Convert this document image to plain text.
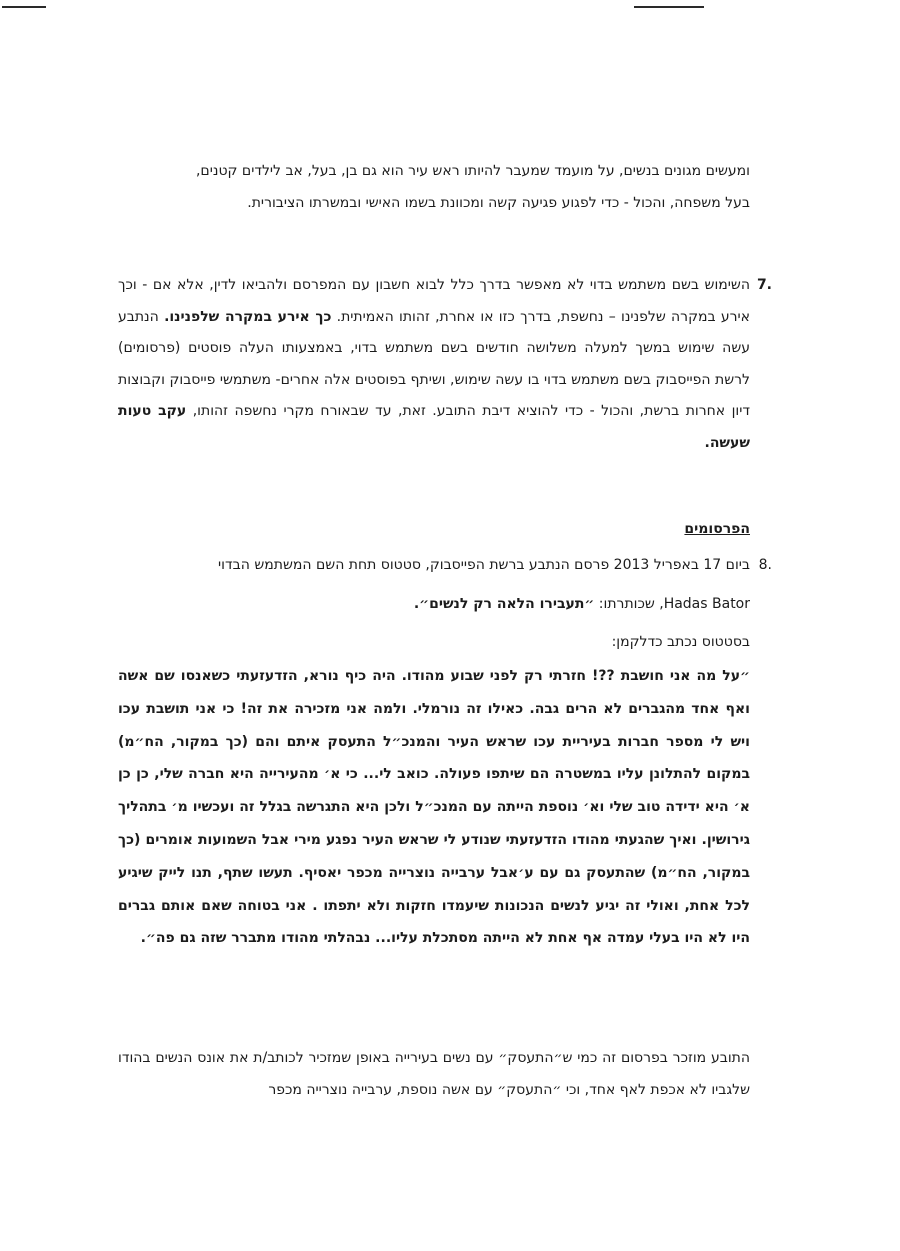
ומעשים מגונים בנשים, על מועמד שמעבר להיותו ראש עיר הוא גם בן, בעל, אב לילדים קטנים,
בעל משפחה, והכול - כדי לפגוע פגיעה קשה ומכוונת בשמו האישי ובמשרתו הציבורית.
7.
השימוש בשם משתמש בדוי לא מאפשר בדרך כלל לבוא חשבון עם המפרסם ולהביאו לדין, אלא אם - וכך אירע במקרה שלפנינו – נחשפת, בדרך כזו או אחרת, זהותו האמיתית. כך אירע במקרה שלפנינו. הנתבע עשה שימוש במשך למעלה משלושה חודשים בשם משתמש בדוי, באמצעותו העלה פוסטים (פרסומים) לרשת הפייסבוק בשם משתמש בדוי בו עשה שימוש, ושיתף בפוסטים אלה אחרים- משתמשי פייסבוק וקבוצות דיון אחרות ברשת, והכול - כדי להוציא דיבת התובע. זאת, עד שבאורח מקרי נחשפה זהותו, עקב טעות שעשה.
הפרסומים
8.
ביום 17 באפריל 2013 פרסם הנתבע ברשת הפייסבוק, סטטוס תחת השם המשתמש הבדוי
Hadas Bator, שכותרתו: ״תעבירו הלאה רק לנשים״.
בסטטוס נכתב כדלקמן:
״על מה אני חושבת ??! חזרתי רק לפני שבוע מהודו. היה כיף נורא, הזדעזעתי כשאנסו שם אשה ואף אחד מהגברים לא הרים גבה. כאילו זה נורמלי. ולמה אני מזכירה את זה! כי אני תושבת עכו ויש לי מספר חברות בעיריית עכו שראש העיר והמנכ״ל התעסק איתם והם (כך במקור, הח״מ) במקום להתלונן עליו במשטרה הם שיתפו פעולה. כואב לי... כי א׳ מהעירייה היא חברה שלי, כן כן א׳ היא ידידה טוב שלי וא׳ נוספת הייתה עם המנכ״ל ולכן היא התגרשה בגלל זה ועכשיו מ׳ בתהליך גירושין. ואיך שהגעתי מהודו הזדעזעתי שנודע לי שראש העיר נפגע מירי אבל השמועות אומרים (כך במקור, הח״מ) שהתעסק גם עם ע׳אבל ערבייה נוצרייה מכפר יאסיף. תעשו שתף, תנו לייק שיגיע לכל אחת, ואולי זה יגיע לנשים הנכונות שיעמדו חזקות ולא יתפתו . אני בטוחה שאם אותם גברים היו לא היו בעלי עמדה אף אחת לא הייתה מסתכלת עליו... נבהלתי מהודו מתברר שזה גם פה״.
התובע מוזכר בפרסום זה כמי ש״התעסק״ עם נשים בעירייה באופן שמזכיר לכותב/ת את אונס הנשים בהודו שלגביו לא אכפת לאף אחד, וכי ״התעסק״ עם אשה נוספת, ערבייה נוצרייה מכפר
